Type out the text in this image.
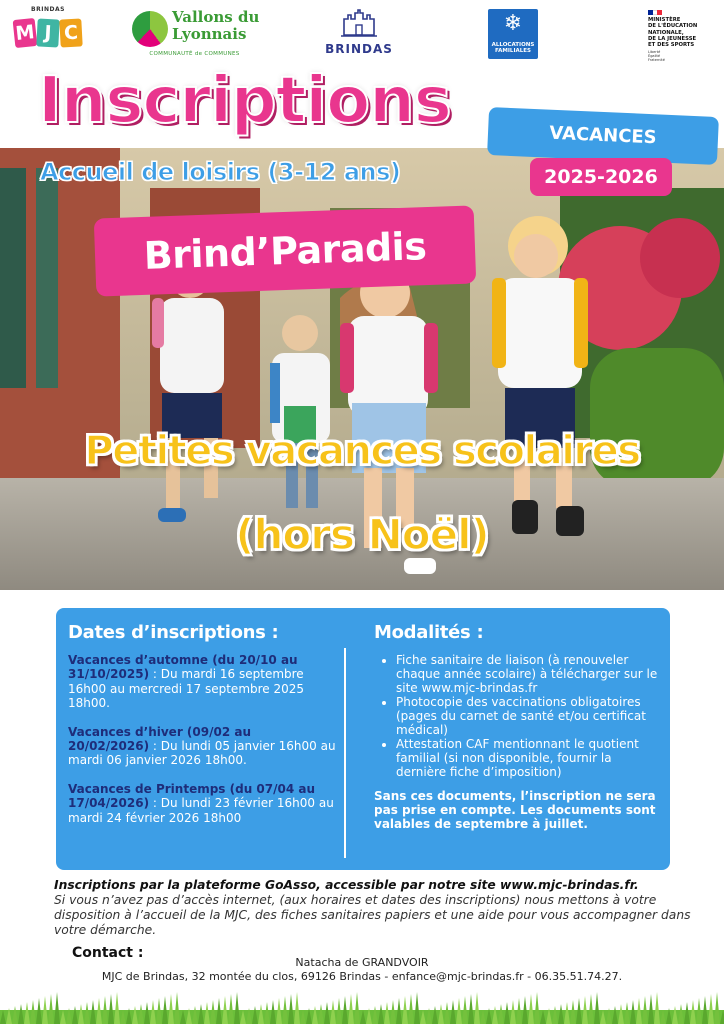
BRINDAS
M J C
Vallons du
Lyonnais
COMMUNAUTÉ de COMMUNES	BRINDAS
❄
ALLOCATIONS FAMILIALES
MINISTÈRE
DE L'ÉDUCATION
NATIONALE,
DE LA JEUNESSE
ET DES SPORTS
Liberté
Égalité
Fraternité
Inscriptions	VACANCES
2025-2026
Accueil de loisirs (3-12 ans)
Brind’Paradis
Petites vacances scolaires
(hors Noël)
Dates d’inscriptions :
Vacances d’automne (du 20/10 au 31/10/2025) : Du mardi 16 septembre 16h00 au mercredi 17 septembre 2025 18h00.
Vacances d’hiver (09/02 au 20/02/2026) : Du lundi 05 janvier 16h00 au mardi 06 janvier 2026 18h00.
Vacances de Printemps (du 07/04 au 17/04/2026) : Du lundi 23 février 16h00 au mardi 24 février 2026 18h00
Modalités :
• Fiche sanitaire de liaison (à renouveler chaque année scolaire) à télécharger sur le site www.mjc-brindas.fr
• Photocopie des vaccinations obligatoires (pages du carnet de santé et/ou certificat médical)
• Attestation CAF mentionnant le quotient familial (si non disponible, fournir la dernière fiche d’imposition)
Sans ces documents, l’inscription ne sera pas prise en compte. Les documents sont valables de septembre à juillet.
Inscriptions par la plateforme GoAsso, accessible par notre site www.mjc-brindas.fr.
Si vous n’avez pas d’accès internet, (aux horaires et dates des inscriptions) nous mettons à votre disposition à l’accueil de la MJC, des fiches sanitaires papiers et une aide pour vous accompagner dans votre démarche.
Contact :
Natacha de GRANDVOIR
MJC de Brindas, 32 montée du clos, 69126 Brindas - enfance@mjc-brindas.fr - 06.35.51.74.27.
